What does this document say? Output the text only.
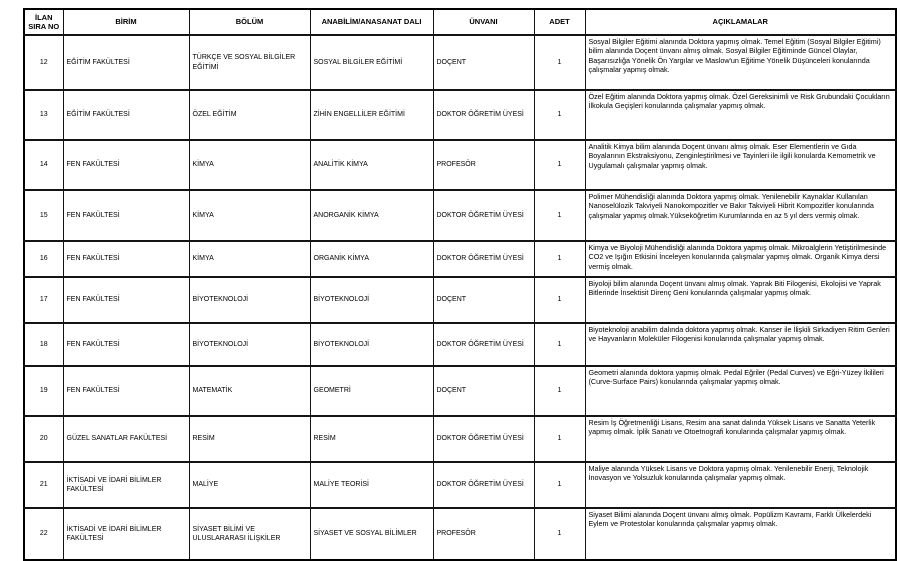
İLAN SIRA NO	BİRİM	BÖLÜM	ANABİLİM/ANASANAT DALI	ÜNVANI	ADET	AÇIKLAMALAR
12	EĞİTİM FAKÜLTESİ	TÜRKÇE VE SOSYAL BİLGİLER EĞİTİMİ	SOSYAL BİLGİLER EĞİTİMİ	DOÇENT	1	Sosyal Bilgiler Eğitimi alanında Doktora yapmış olmak. Temel Eğitim (Sosyal Bilgiler Eğitimi) bilim alanında Doçent ünvanı almış olmak. Sosyal Bilgiler Eğitiminde Güncel Olaylar, Başarısızlığa Yönelik Ön Yargılar ve Maslow'un Eğitime Yönelik Düşünceleri konularında çalışmalar yapmış olmak.
13	EĞİTİM FAKÜLTESİ	ÖZEL EĞİTİM	ZİHİN ENGELLİLER EĞİTİMİ	DOKTOR ÖĞRETİM ÜYESİ	1	Özel Eğitim alanında Doktora yapmış olmak. Özel Gereksinimli ve Risk Grubundaki Çocukların İlkokula Geçişleri konularında çalışmalar yapmış olmak.
14	FEN FAKÜLTESİ	KİMYA	ANALİTİK KİMYA	PROFESÖR	1	Analitik Kimya bilim alanında Doçent ünvanı almış olmak. Eser Elementlerin ve Gıda Boyalarının Ekstraksiyonu, Zenginleştirilmesi ve Tayinleri ile ilgili konularda Kemometrik ve Uygulamalı çalışmalar yapmış olmak.
15	FEN FAKÜLTESİ	KİMYA	ANORGANİK KİMYA	DOKTOR ÖĞRETİM ÜYESİ	1	Polimer Mühendisliği alanında Doktora yapmış olmak. Yenilenebilir Kaynaklar Kullanılan Nanoselülozik Takviyeli Nanokompozitler ve Bakır Takviyeli Hibrit Kompozitler konularında çalışmalar yapmış olmak.Yükseköğretim Kurumlarında en az 5 yıl ders vermiş olmak.
16	FEN FAKÜLTESİ	KİMYA	ORGANİK KİMYA	DOKTOR ÖĞRETİM ÜYESİ	1	Kimya ve Biyoloji Mühendisliği alanında Doktora yapmış olmak. Mikroalglerin Yetiştirilmesinde CO2 ve Işığın Etkisini İnceleyen konularında çalışmalar yapmış olmak. Organik Kimya dersi vermiş olmak.
17	FEN FAKÜLTESİ	BİYOTEKNOLOJİ	BİYOTEKNOLOJİ	DOÇENT	1	Biyoloji bilim alanında Doçent ünvanı almış olmak. Yaprak Biti Filogenisi, Ekolojisi ve Yaprak Bitlerinde İnsektisit Direnç Geni konularında çalışmalar yapmış olmak.
18	FEN FAKÜLTESİ	BİYOTEKNOLOJİ	BİYOTEKNOLOJİ	DOKTOR ÖĞRETİM ÜYESİ	1	Biyoteknoloji anabilim dalında doktora yapmış olmak. Kanser ile İlişkili Sirkadiyen Ritim Genleri ve Hayvanların Moleküler Filogenisi konularında çalışmalar yapmış olmak.
19	FEN FAKÜLTESİ	MATEMATİK	GEOMETRİ	DOÇENT	1	Geometri alanında doktora yapmış olmak. Pedal Eğriler (Pedal Curves) ve Eğri-Yüzey İkilileri (Curve-Surface Pairs) konularında çalışmalar yapmış olmak.
20	GÜZEL SANATLAR FAKÜLTESİ	RESİM	RESİM	DOKTOR ÖĞRETİM ÜYESİ	1	Resim İş Öğretmenliği Lisans, Resim ana sanat dalında Yüksek Lisans ve Sanatta Yeterlik yapmış olmak. İplik Sanatı ve Otoetnografi konularında çalışmalar yapmış olmak.
21	İKTİSADİ VE İDARİ BİLİMLER FAKÜLTESİ	MALİYE	MALİYE TEORİSİ	DOKTOR ÖĞRETİM ÜYESİ	1	Maliye alanında Yüksek Lisans ve Doktora yapmış olmak. Yenilenebilir Enerji, Teknolojik İnovasyon ve Yolsuzluk konularında çalışmalar yapmış olmak.
22	İKTİSADİ VE İDARİ BİLİMLER FAKÜLTESİ	SİYASET BİLİMİ VE ULUSLARARASI İLİŞKİLER	SİYASET VE SOSYAL BİLİMLER	PROFESÖR	1	Siyaset Bilimi alanında Doçent ünvanı almış olmak. Popülizm Kavramı, Farklı Ülkelerdeki Eylem ve Protestolar konularında çalışmalar yapmış olmak.
